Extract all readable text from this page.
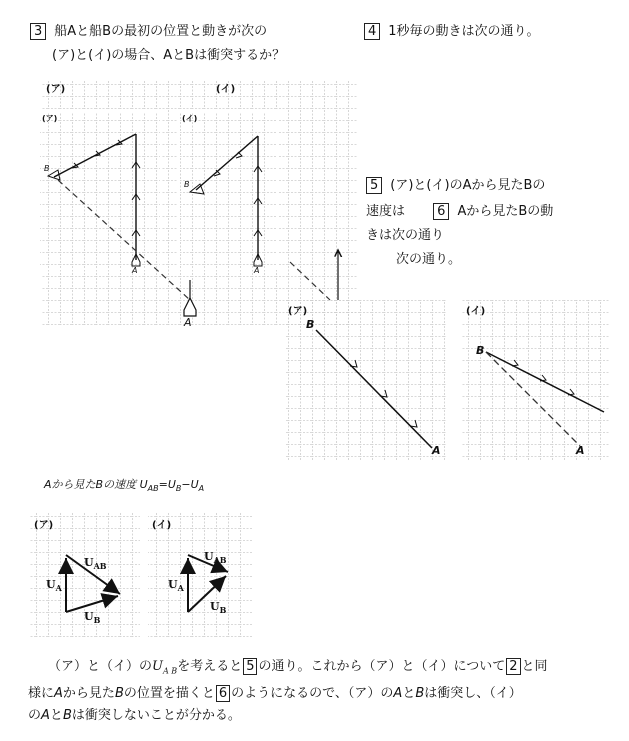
3 船Aと船Bの最初の位置と動きが次の
(ア)と(イ)の場合、AとBは衝突するか？
4 1秒毎の動きは次の通り。
5 (ア)と(イ)のAから見たBの
速度は 6 Aから見たBの動
きは次の通り
次の通り。
(ア)	(イ)
(ア)	(イ)
B
B
A	A
A
(ア)	(イ)
B
A
B
A
Aから見たBの速度 $U_{AB}=U_B-U_A$
(ア)	(イ)
$U_{AB}$
$U_A$
$U_B$
$U_{AB}$
$U_A$
$U_B$
（ア）と（イ）の$U_{A B}$を考えると 5 の通り。これから（ア）と（イ）について 2 と同
様にAから見たBの位置を描くと 6 のようになるので、（ア）のAとBは衝突し、（イ）
のAとBは衝突しないことが分かる。
